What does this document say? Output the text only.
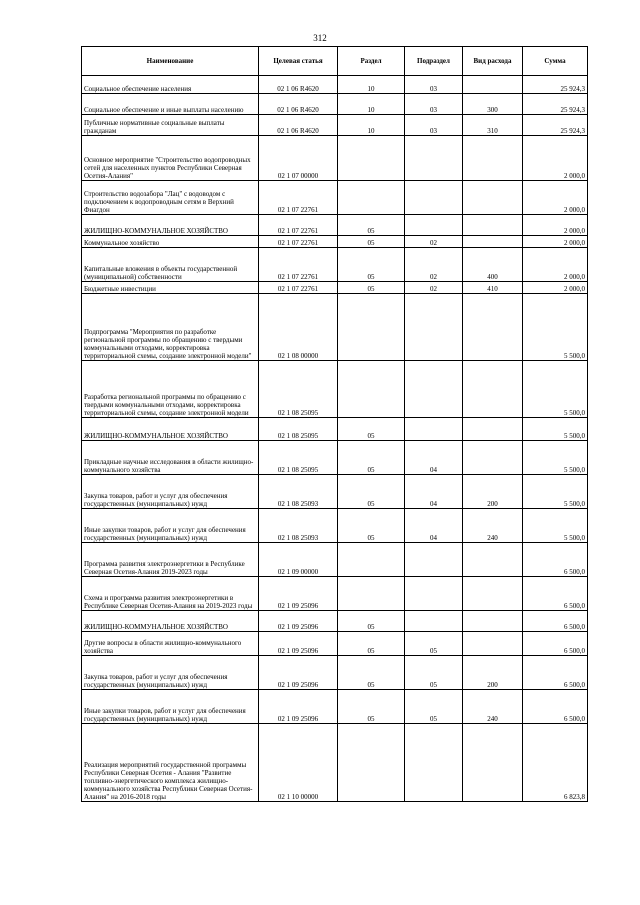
312
Наименование	Целевая статья	Раздел	Подраздел	Вид расхода	Сумма
Социальное обеспечение населения	02 1 06 R4620	10	03		25 924,3
Социальное обеспечение и иные выплаты населению	02 1 06 R4620	10	03	300	25 924,3
Публичные нормативные социальные выплаты гражданам	02 1 06 R4620	10	03	310	25 924,3
Основное мероприятие "Строительство водопроводных сетей для населенных пунктов Республики Северная Осетия-Алания"	02 1 07 00000				2 000,0
Строительство водозабора "Лац" с водоводом с подключением к водопроводным сетям в Верхний Фиагдон	02 1 07 22761				2 000,0
ЖИЛИЩНО-КОММУНАЛЬНОЕ ХОЗЯЙСТВО	02 1 07 22761	05			2 000,0
Коммунальное хозяйство	02 1 07 22761	05	02		2 000,0
Капитальные вложения в объекты государственной (муниципальной) собственности	02 1 07 22761	05	02	400	2 000,0
Бюджетные инвестиции	02 1 07 22761	05	02	410	2 000,0
Подпрограмма "Мероприятия по разработке региональной программы по обращению с твердыми коммунальными отходами, корректировка территориальной схемы, создание электронной модели"	02 1 08 00000				5 500,0
Разработка региональной программы по обращению с твердыми коммунальными отходами, корректировка территориальной схемы, создание электронной модели	02 1 08 25095				5 500,0
ЖИЛИЩНО-КОММУНАЛЬНОЕ ХОЗЯЙСТВО	02 1 08 25095	05			5 500,0
Прикладные научные исследования в области жилищно-коммунального хозяйства	02 1 08 25095	05	04		5 500,0
Закупка товаров, работ и услуг для обеспечения государственных (муниципальных) нужд	02 1 08 25093	05	04	200	5 500,0
Иные закупки товаров, работ и услуг для обеспечения государственных (муниципальных) нужд	02 1 08 25093	05	04	240	5 500,0
Программа развития электроэнергетики в Республике Северная Осетия-Алания 2019-2023 годы	02 1 09 00000				6 500,0
Схема и программа развития электроэнергетики в Республике Северная Осетия-Алания на 2019-2023 годы	02 1 09 25096				6 500,0
ЖИЛИЩНО-КОММУНАЛЬНОЕ ХОЗЯЙСТВО	02 1 09 25096	05			6 500,0
Другие вопросы в области жилищно-коммунального хозяйства	02 1 09 25096	05	05		6 500,0
Закупка товаров, работ и услуг для обеспечения государственных (муниципальных) нужд	02 1 09 25096	05	05	200	6 500,0
Иные закупки товаров, работ и услуг для обеспечения государственных (муниципальных) нужд	02 1 09 25096	05	05	240	6 500,0
Реализация мероприятий государственной программы Республики Северная Осетия - Алания "Развитие топливно-энергетического комплекса жилищно-коммунального хозяйства Республики Северная Осетия-Алания" на 2016-2018 годы	02 1 10 00000				6 823,8
